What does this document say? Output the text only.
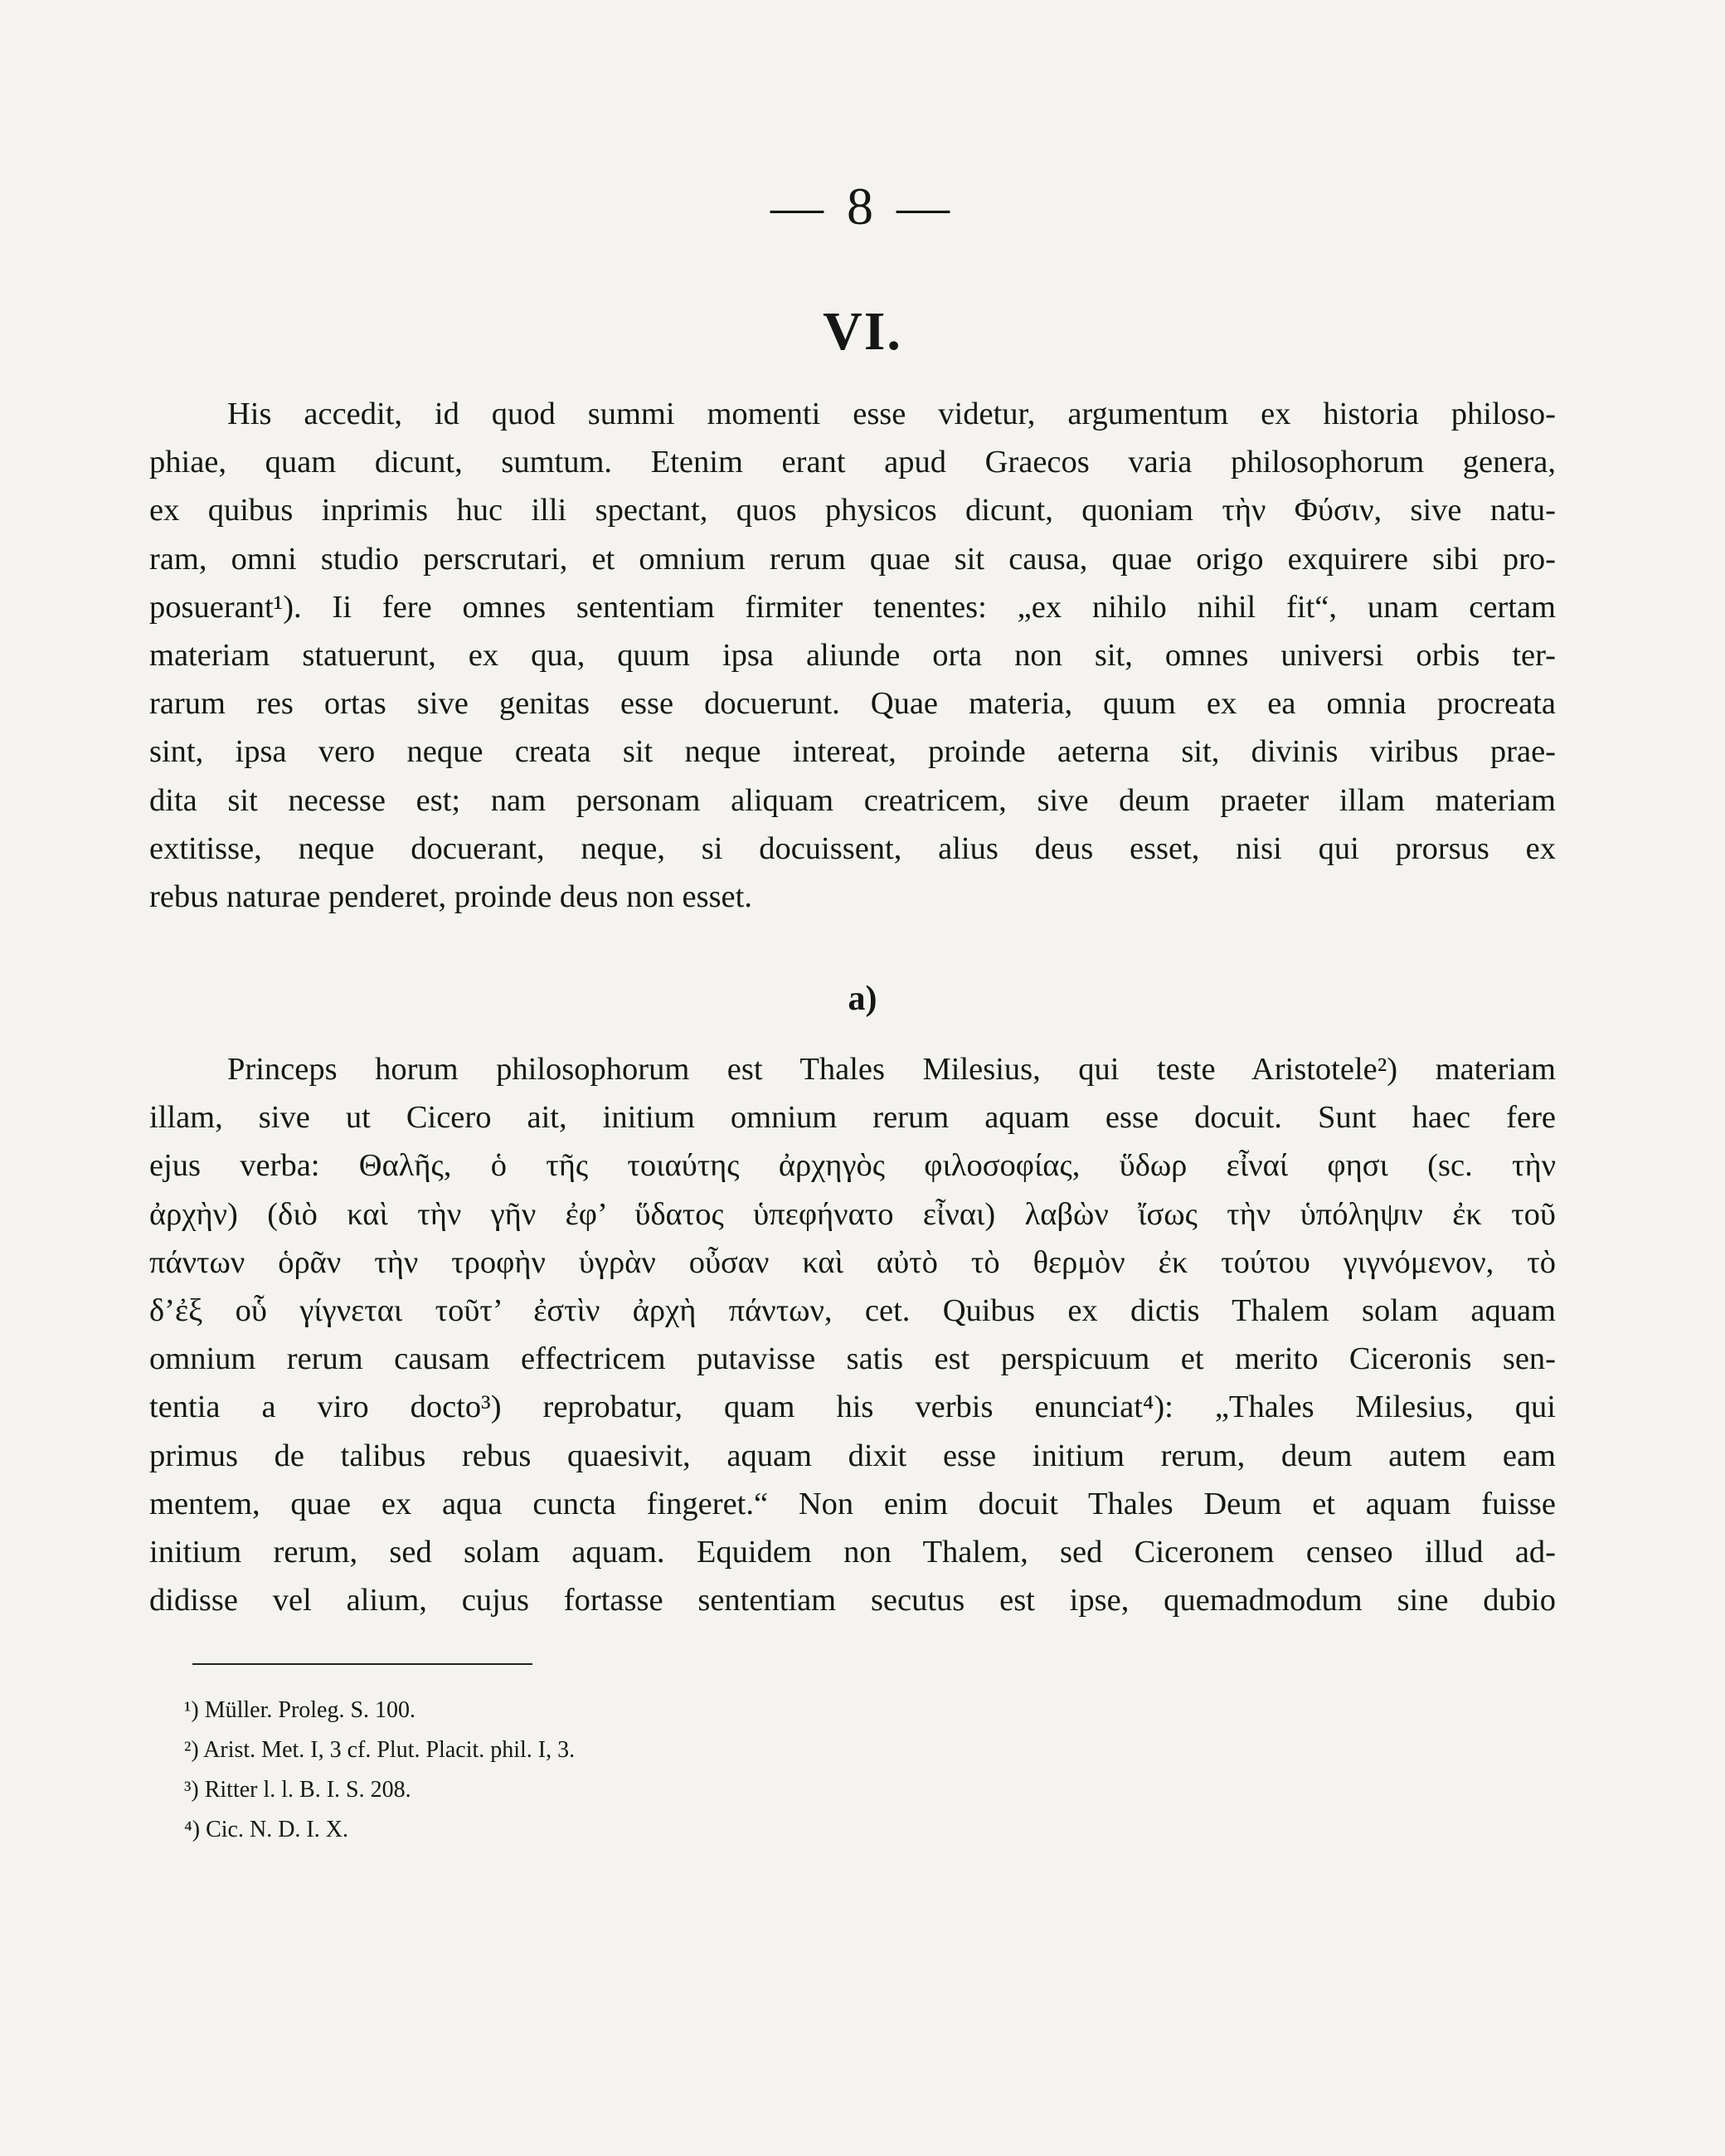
— 8 —
VI.
His accedit, id quod summi momenti esse videtur, argumentum ex historia philoso-
phiae, quam dicunt, sumtum. Etenim erant apud Graecos varia philosophorum genera,
ex quibus inprimis huc illi spectant, quos physicos dicunt, quoniam τὴν Φύσιν, sive natu-
ram, omni studio perscrutari, et omnium rerum quae sit causa, quae origo exquirere sibi pro-
posuerant¹). Ii fere omnes sententiam firmiter tenentes: „ex nihilo nihil fit“, unam certam
materiam statuerunt, ex qua, quum ipsa aliunde orta non sit, omnes universi orbis ter-
rarum res ortas sive genitas esse docuerunt. Quae materia, quum ex ea omnia procreata
sint, ipsa vero neque creata sit neque intereat, proinde aeterna sit, divinis viribus prae-
dita sit necesse est; nam personam aliquam creatricem, sive deum praeter illam materiam
extitisse, neque docuerant, neque, si docuissent, alius deus esset, nisi qui prorsus ex
rebus naturae penderet, proinde deus non esset.
a)
Princeps horum philosophorum est Thales Milesius, qui teste Aristotele²) materiam
illam, sive ut Cicero ait, initium omnium rerum aquam esse docuit. Sunt haec fere
ejus verba: Θαλῆς, ὁ τῆς τοιαύτης ἀρχηγὸς φιλοσοφίας, ὕδωρ εἶναί φησι (sc. τὴν
ἀρχὴν) (διὸ καὶ τὴν γῆν ἐφ’ ὕδατος ὑπεφήνατο εἶναι) λαβὼν ἴσως τὴν ὑπόληψιν ἐκ τοῦ
πάντων ὁρᾶν τὴν τροφὴν ὑγρὰν οὖσαν καὶ αὐτὸ τὸ θερμὸν ἐκ τούτου γιγνόμενον, τὸ
δ’ἐξ οὗ γίγνεται τοῦτ’ ἐστὶν ἀρχὴ πάντων, cet. Quibus ex dictis Thalem solam aquam
omnium rerum causam effectricem putavisse satis est perspicuum et merito Ciceronis sen-
tentia a viro docto³) reprobatur, quam his verbis enunciat⁴): „Thales Milesius, qui
primus de talibus rebus quaesivit, aquam dixit esse initium rerum, deum autem eam
mentem, quae ex aqua cuncta fingeret.“ Non enim docuit Thales Deum et aquam fuisse
initium rerum, sed solam aquam. Equidem non Thalem, sed Ciceronem censeo illud ad-
didisse vel alium, cujus fortasse sententiam secutus est ipse, quemadmodum sine dubio
¹) Müller. Proleg. S. 100.
²) Arist. Met. I, 3 cf. Plut. Placit. phil. I, 3.
³) Ritter l. l. B. I. S. 208.
⁴) Cic. N. D. I. X.
